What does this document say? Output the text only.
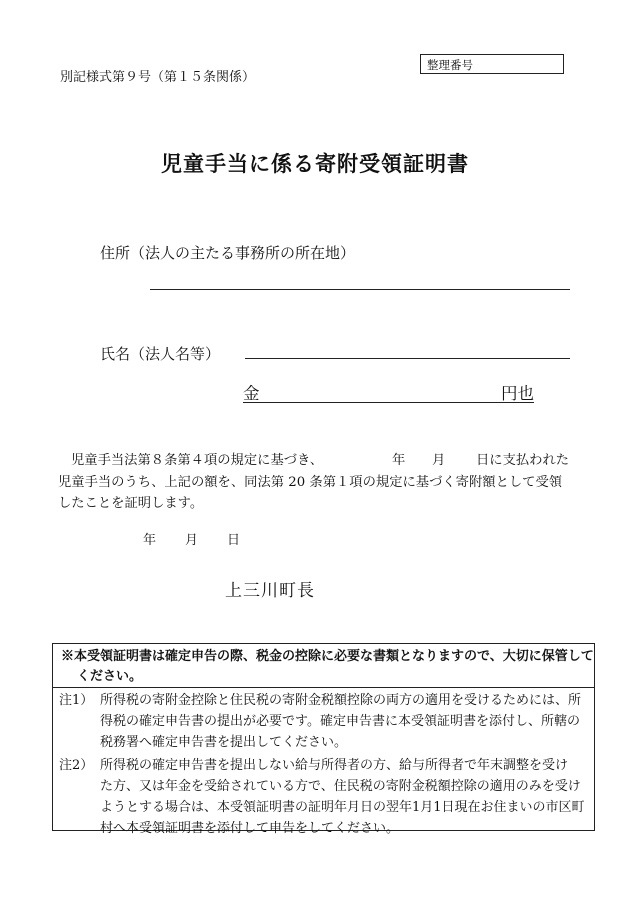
別記様式第９号（第１５条関係）
整理番号
児童手当に係る寄附受領証明書
住所（法人の主たる事務所の所在地）
氏名（法人名等）
金	円也
児童手当法第８条第４項の規定に基づき、	年 月 日に支払われた
児童手当のうち、上記の額を、同法第 20 条第１項の規定に基づく寄附額として受領
したことを証明します。
年 月 日
上三川町長
※本受領証明書は確定申告の際、税金の控除に必要な書類となりますので、大切に保管して
ください。
注1） 所得税の寄附金控除と住民税の寄附金税額控除の両方の適用を受けるためには、所
得税の確定申告書の提出が必要です。確定申告書に本受領証明書を添付し、所轄の
税務署へ確定申告書を提出してください。
注2） 所得税の確定申告書を提出しない給与所得者の方、給与所得者で年末調整を受け
た方、又は年金を受給されている方で、住民税の寄附金税額控除の適用のみを受け
ようとする場合は、本受領証明書の証明年月日の翌年1月1日現在お住まいの市区町
村へ本受領証明書を添付して申告をしてください。
